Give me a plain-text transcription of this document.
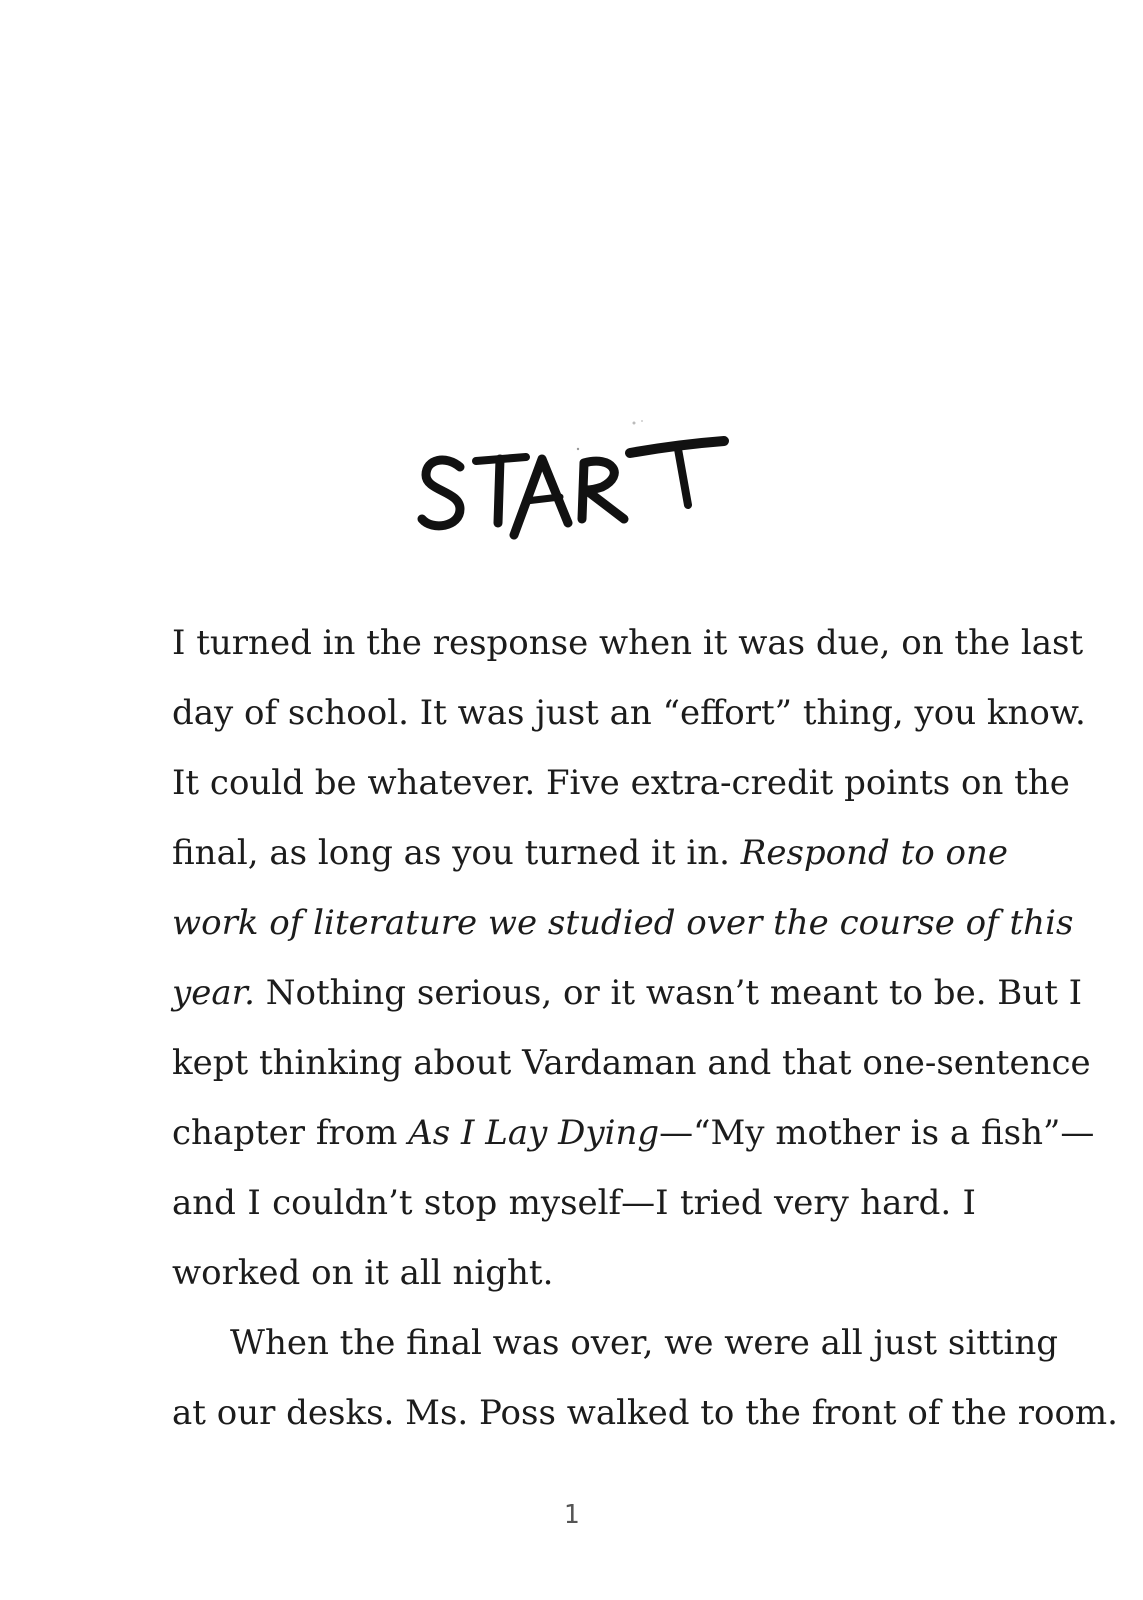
I turned in the response when it was due, on the last
day of school. It was just an “effort” thing, you know.
It could be whatever. Five extra-credit points on the
final, as long as you turned it in. Respond to one
work of literature we studied over the course of this
year. Nothing serious, or it wasn’t meant to be. But I
kept thinking about Vardaman and that one-sentence
chapter from As I Lay Dying—“My mother is a fish”—
and I couldn’t stop myself—I tried very hard. I
worked on it all night.
When the final was over, we were all just sitting
at our desks. Ms. Poss walked to the front of the room.
1
